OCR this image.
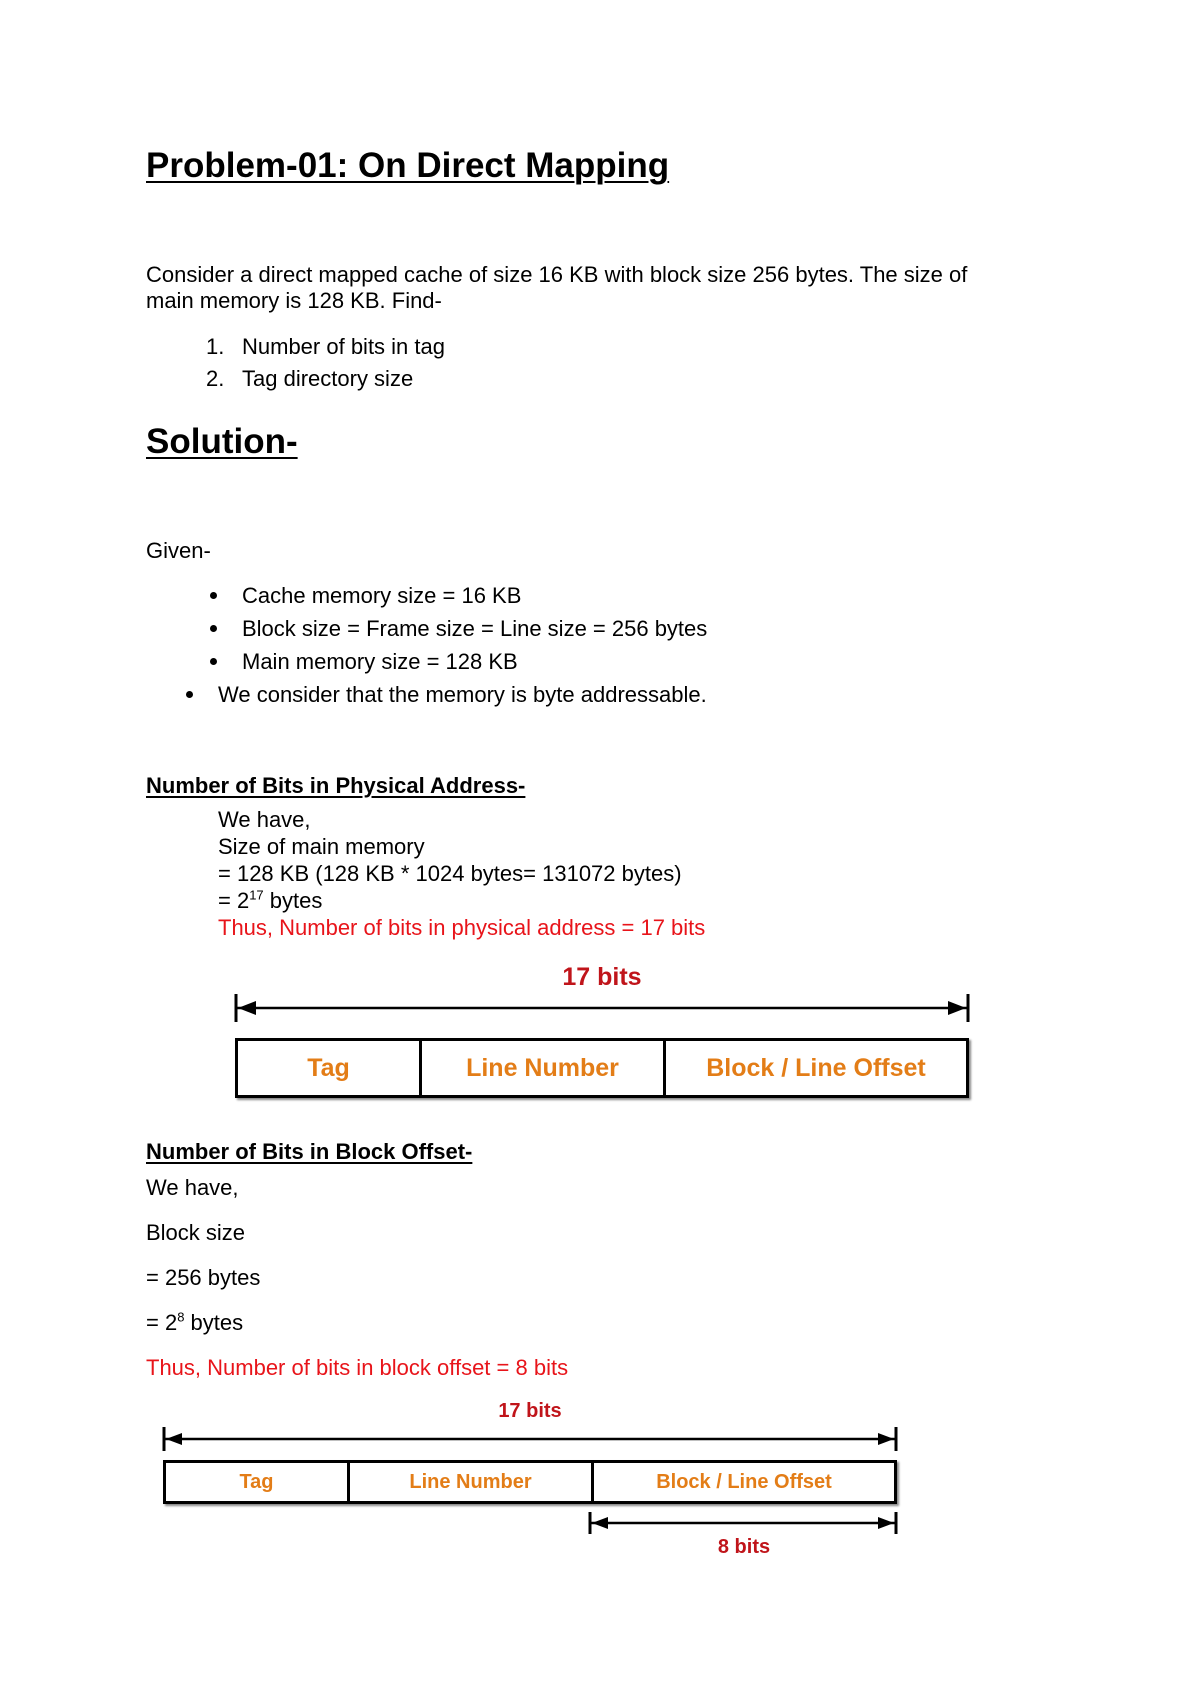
Problem-01: On Direct Mapping
Consider a direct mapped cache of size 16 KB with block size 256 bytes. The size of
main memory is 128 KB. Find-
1. Number of bits in tag
2. Tag directory size
Solution-
Given-
Cache memory size = 16 KB
Block size = Frame size = Line size = 256 bytes
Main memory size = 128 KB
We consider that the memory is byte addressable.
Number of Bits in Physical Address-
We have,
Size of main memory
= 128 KB (128 KB * 1024 bytes= 131072 bytes)
= $2^{17}$ bytes
Thus, Number of bits in physical address = 17 bits
17 bits
Tag	Line Number	Block / Line Offset
Number of Bits in Block Offset-
We have,
Block size
= 256 bytes
= $2^8$ bytes
Thus, Number of bits in block offset = 8 bits
17 bits
Tag	Line Number	Block / Line Offset
8 bits
